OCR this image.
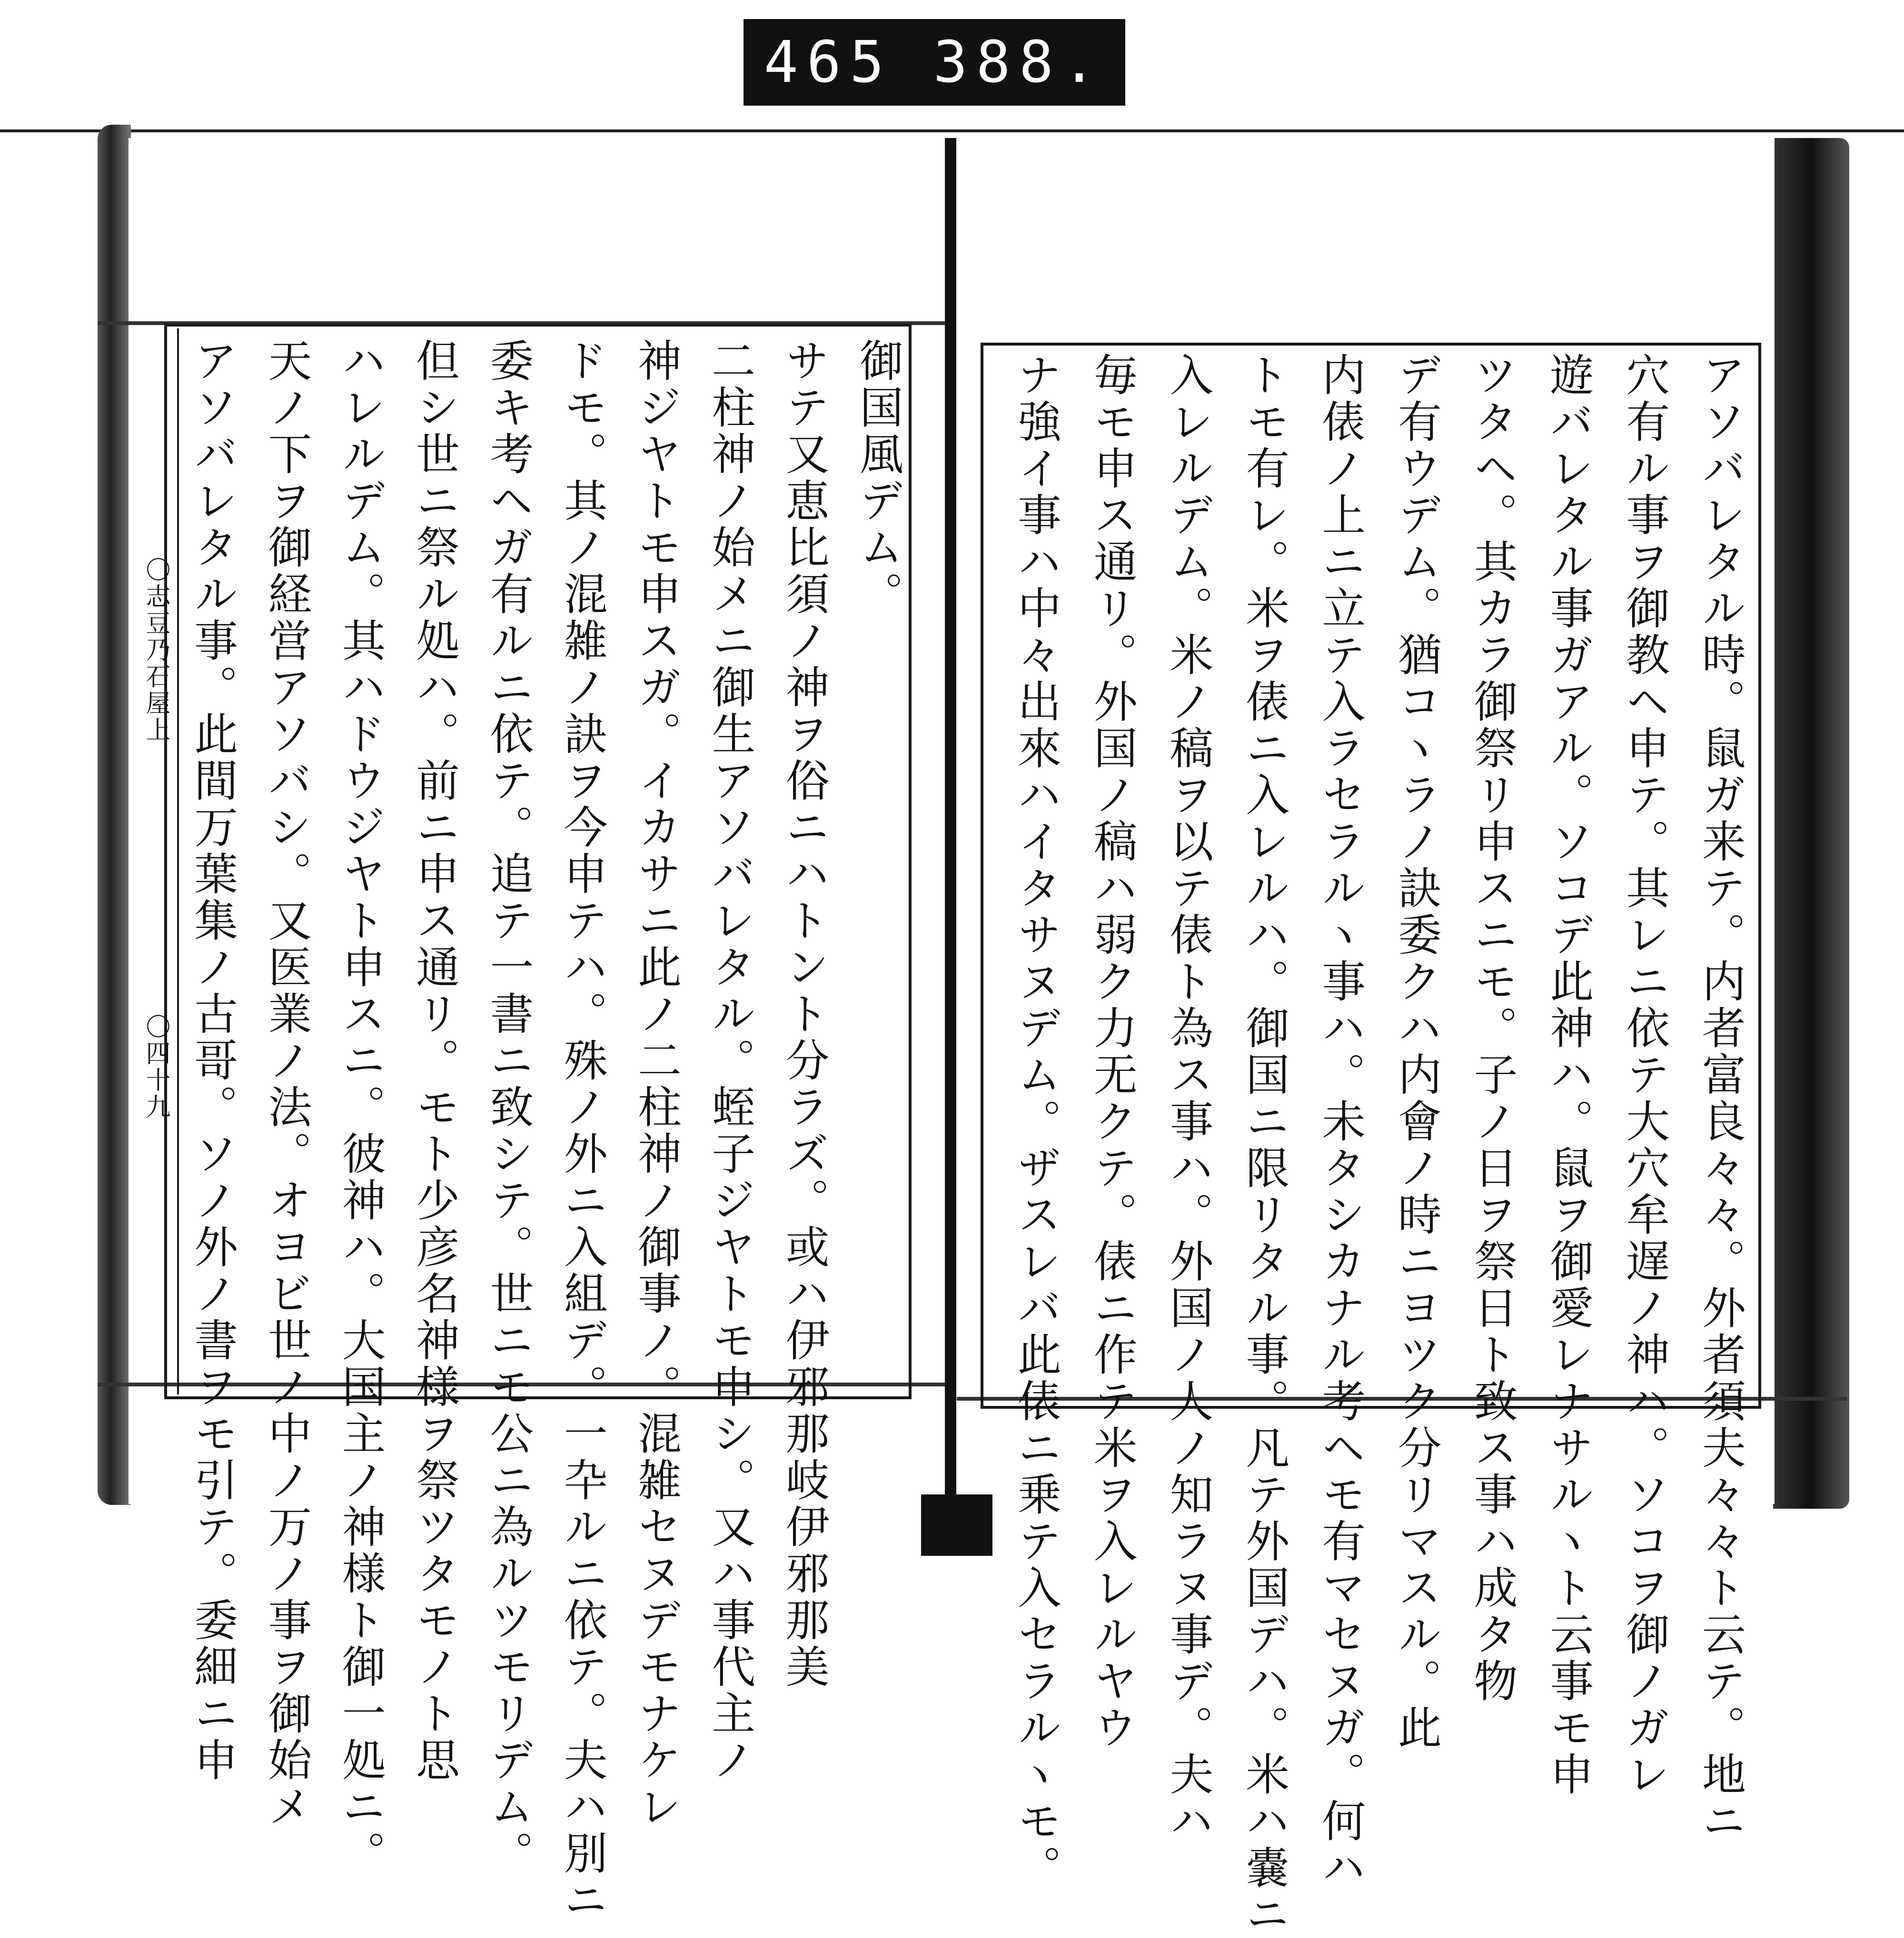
465 388.
御国風デム。
サテ又恵比須ノ神ヲ俗ニハトント分ラズ。或ハ伊邪那岐伊邪那美
二柱神ノ始メニ御生アソバレタル。蛭子ジヤトモ申シ。又ハ事代主ノ
神ジヤトモ申スガ。イカサニ此ノ二柱神ノ御事ノ。混雑セヌデモナケレ
ドモ。其ノ混雑ノ訣ヲ今申テハ。殊ノ外ニ入組デ。一卆ルニ依テ。夫ハ別ニ
委キ考ヘガ有ルニ依テ。追テ一書ニ致シテ。世ニモ公ニ為ルツモリデム。
但シ世ニ祭ル処ハ。前ニ申ス通リ。モト少彦名神様ヲ祭ツタモノト思
ハレルデム。其ハドウジヤト申スニ。彼神ハ。大国主ノ神様ト御一処ニ。
天ノ下ヲ御経営アソバシ。又医業ノ法。オヨビ世ノ中ノ万ノ事ヲ御始メ
アソバレタル事。此間万葉集ノ古哥。ソノ外ノ書ヲモ引テ。委細ニ申
〇志豆乃石屋上
〇四十九	アソバレタル時。鼠ガ来テ。内者富良々々。外者須夫々々ト云テ。地ニ
穴有ル事ヲ御教ヘ申テ。其レニ依テ大穴牟遅ノ神ハ。ソコヲ御ノガレ
遊バレタル事ガアル。ソコデ此神ハ。鼠ヲ御愛レナサルヽト云事モ申
ツタヘ。其カラ御祭リ申スニモ。子ノ日ヲ祭日ト致ス事ハ成タ物
デ有ウデム。猶コヽラノ訣委クハ内會ノ時ニヨツク分リマスル。此
内俵ノ上ニ立テ入ラセラルヽ事ハ。未タシカナル考ヘモ有マセヌガ。何ハ
トモ有レ。米ヲ俵ニ入レルハ。御国ニ限リタル事。凡テ外国デハ。米ハ嚢ニ
入レルデム。米ノ稿ヲ以テ俵ト為ス事ハ。外国ノ人ノ知ラヌ事デ。夫ハ
毎モ申ス通リ。外国ノ稿ハ弱ク力无クテ。俵ニ作テ米ヲ入レルヤウ
ナ強イ事ハ中々出來ハイタサヌデム。ザスレバ此俵ニ乗テ入セラルヽモ。
